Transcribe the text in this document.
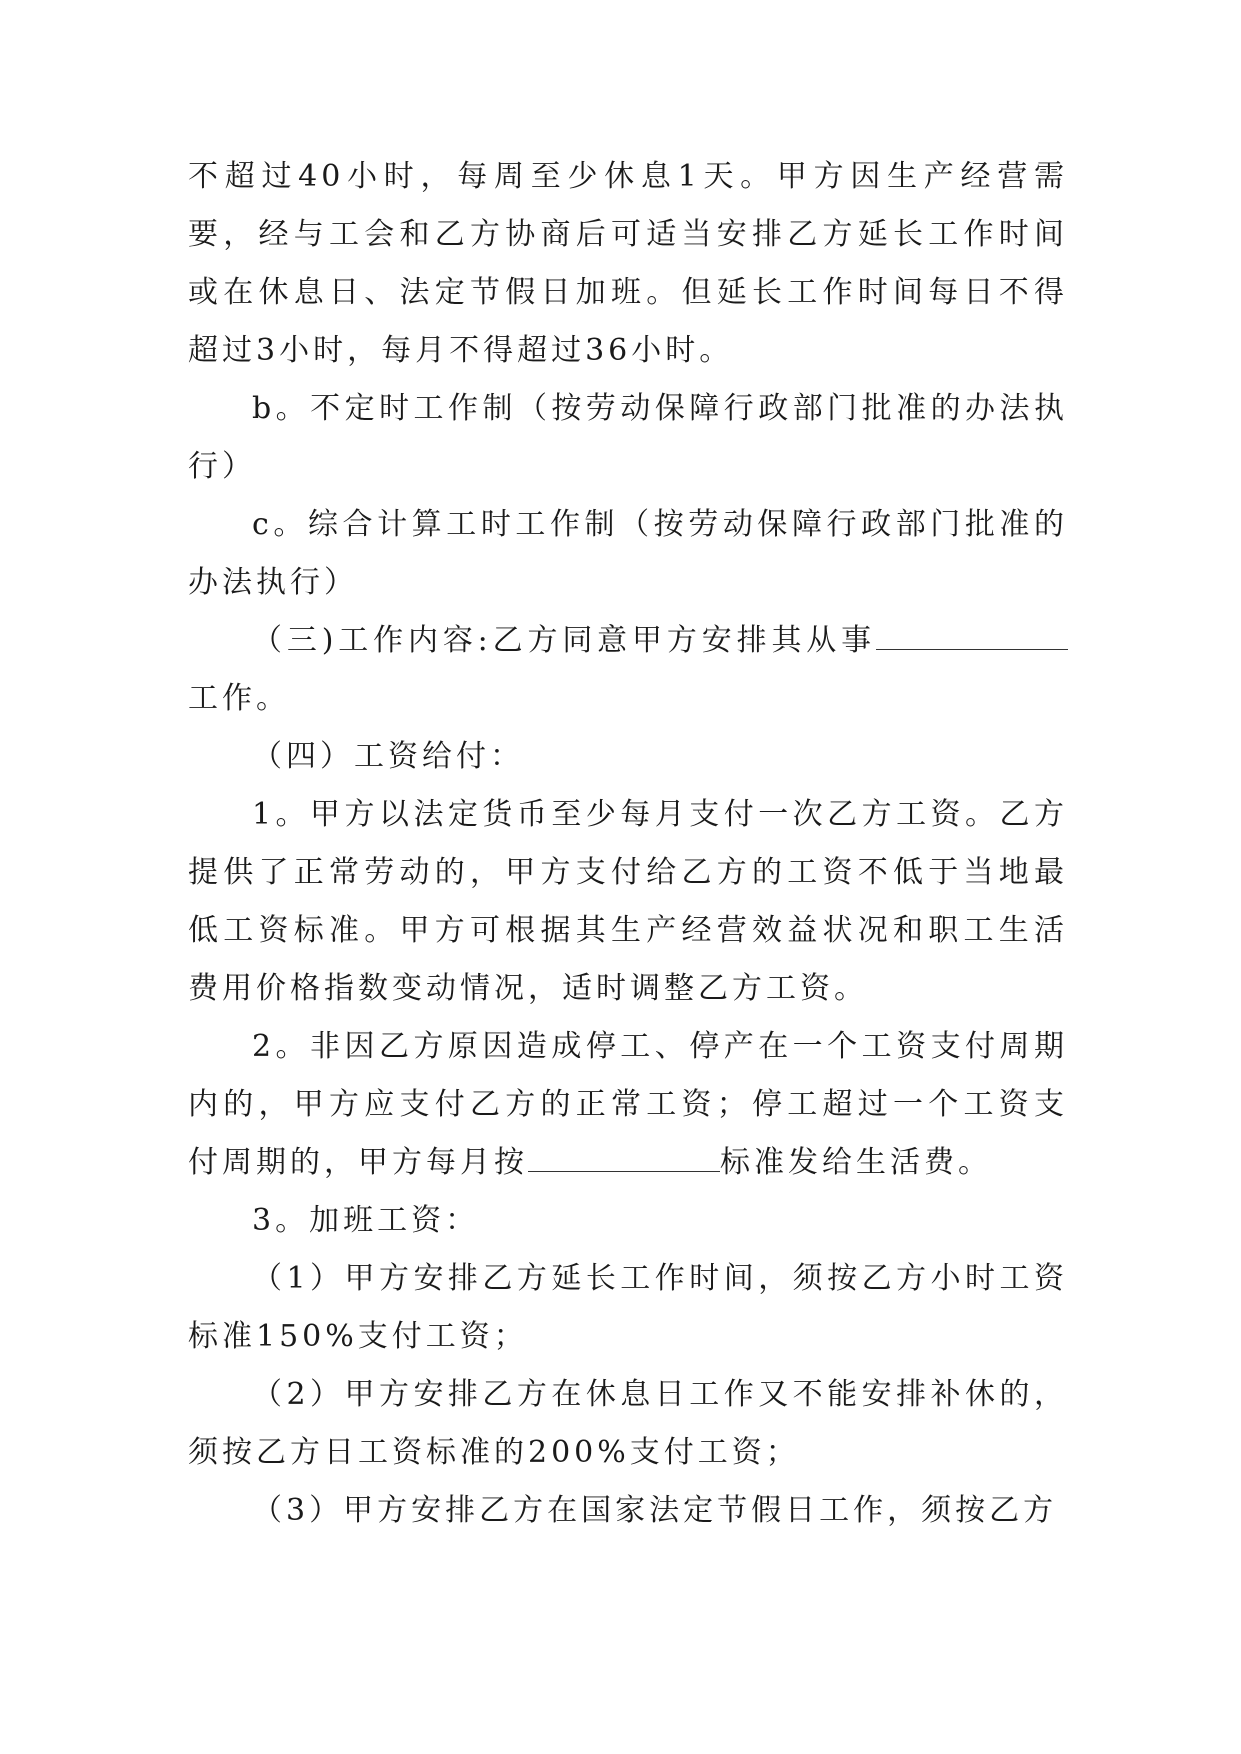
不超过40小时，每周至少休息1天。甲方因生产经营需要，经与工会和乙方协商后可适当安排乙方延长工作时间或在休息日、法定节假日加班。但延长工作时间每日不得超过3小时，每月不得超过36小时。

b。不定时工作制（按劳动保障行政部门批准的办法执行）

c。综合计算工时工作制（按劳动保障行政部门批准的办法执行）

（三)工作内容:乙方同意甲方安排其从事工作。

（四）工资给付：

1。甲方以法定货币至少每月支付一次乙方工资。乙方提供了正常劳动的，甲方支付给乙方的工资不低于当地最低工资标准。甲方可根据其生产经营效益状况和职工生活费用价格指数变动情况，适时调整乙方工资。

2。非因乙方原因造成停工、停产在一个工资支付周期内的，甲方应支付乙方的正常工资；停工超过一个工资支付周期的，甲方每月按	标准发给生活费。

3。加班工资：

（1）甲方安排乙方延长工作时间，须按乙方小时工资标准150%支付工资；

（2）甲方安排乙方在休息日工作又不能安排补休的，须按乙方日工资标准的200%支付工资；

（3）甲方安排乙方在国家法定节假日工作，须按乙方
